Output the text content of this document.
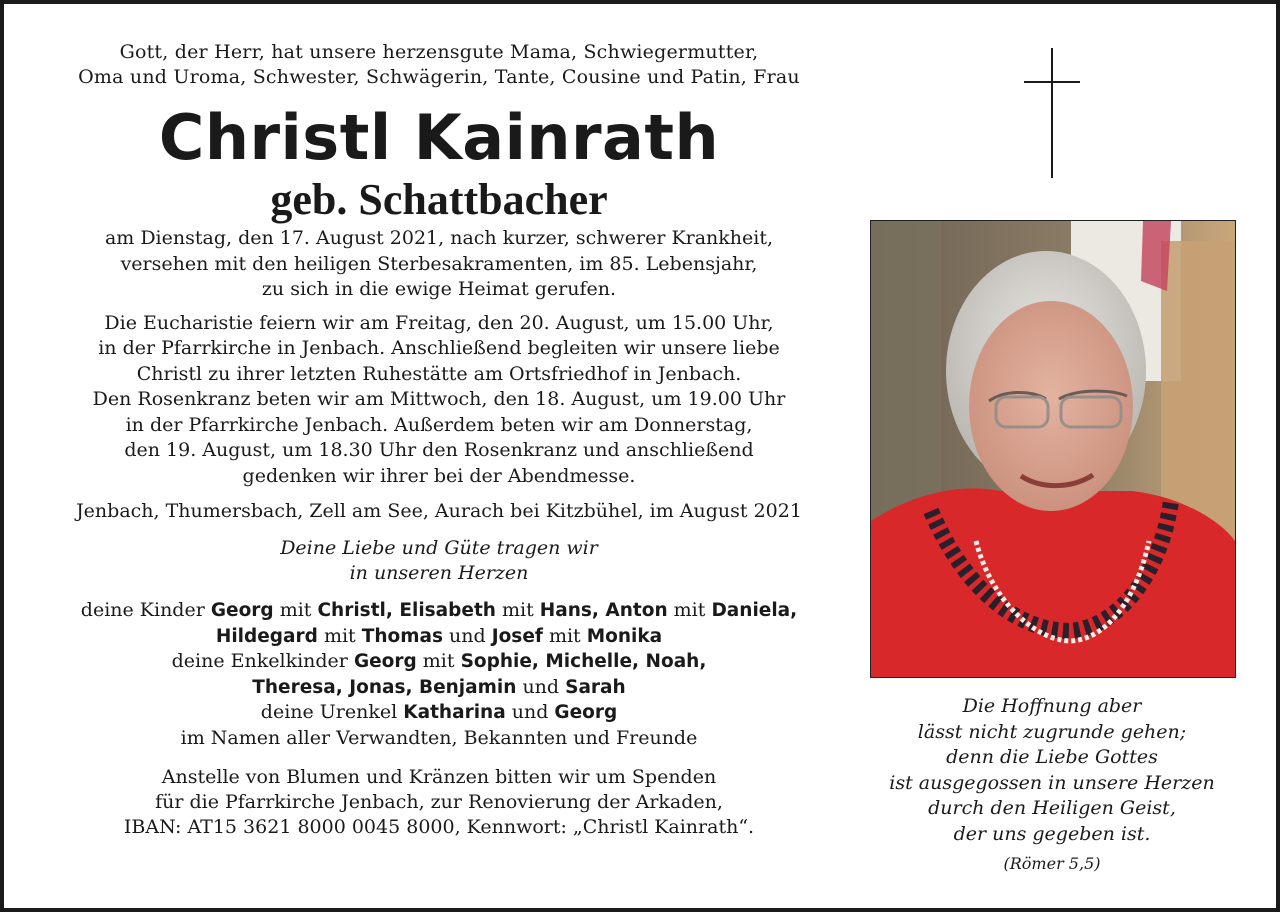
Gott, der Herr, hat unsere herzensgute Mama, Schwiegermutter,
Oma und Uroma, Schwester, Schwägerin, Tante, Cousine und Patin, Frau
Christl Kainrath
geb. Schattbacher
am Dienstag, den 17. August 2021, nach kurzer, schwerer Krankheit,
versehen mit den heiligen Sterbesakramenten, im 85. Lebensjahr,
zu sich in die ewige Heimat gerufen.
Die Eucharistie feiern wir am Freitag, den 20. August, um 15.00 Uhr,
in der Pfarrkirche in Jenbach. Anschließend begleiten wir unsere liebe
Christl zu ihrer letzten Ruhestätte am Ortsfriedhof in Jenbach.
Den Rosenkranz beten wir am Mittwoch, den 18. August, um 19.00 Uhr
in der Pfarrkirche Jenbach. Außerdem beten wir am Donnerstag,
den 19. August, um 18.30 Uhr den Rosenkranz und anschließend
gedenken wir ihrer bei der Abendmesse.
Jenbach, Thumersbach, Zell am See, Aurach bei Kitzbühel, im August 2021
Deine Liebe und Güte tragen wir
in unseren Herzen
deine Kinder Georg mit Christl, Elisabeth mit Hans, Anton mit Daniela,
Hildegard mit Thomas und Josef mit Monika
deine Enkelkinder Georg mit Sophie, Michelle, Noah,
Theresa, Jonas, Benjamin und Sarah
deine Urenkel Katharina und Georg
im Namen aller Verwandten, Bekannten und Freunde
Anstelle von Blumen und Kränzen bitten wir um Spenden
für die Pfarrkirche Jenbach, zur Renovierung der Arkaden,
IBAN: AT15 3621 8000 0045 8000, Kennwort: „Christl Kainrath“.
Die Hoffnung aber
lässt nicht zugrunde gehen;
denn die Liebe Gottes
ist ausgegossen in unsere Herzen
durch den Heiligen Geist,
der uns gegeben ist.
(Römer 5,5)
